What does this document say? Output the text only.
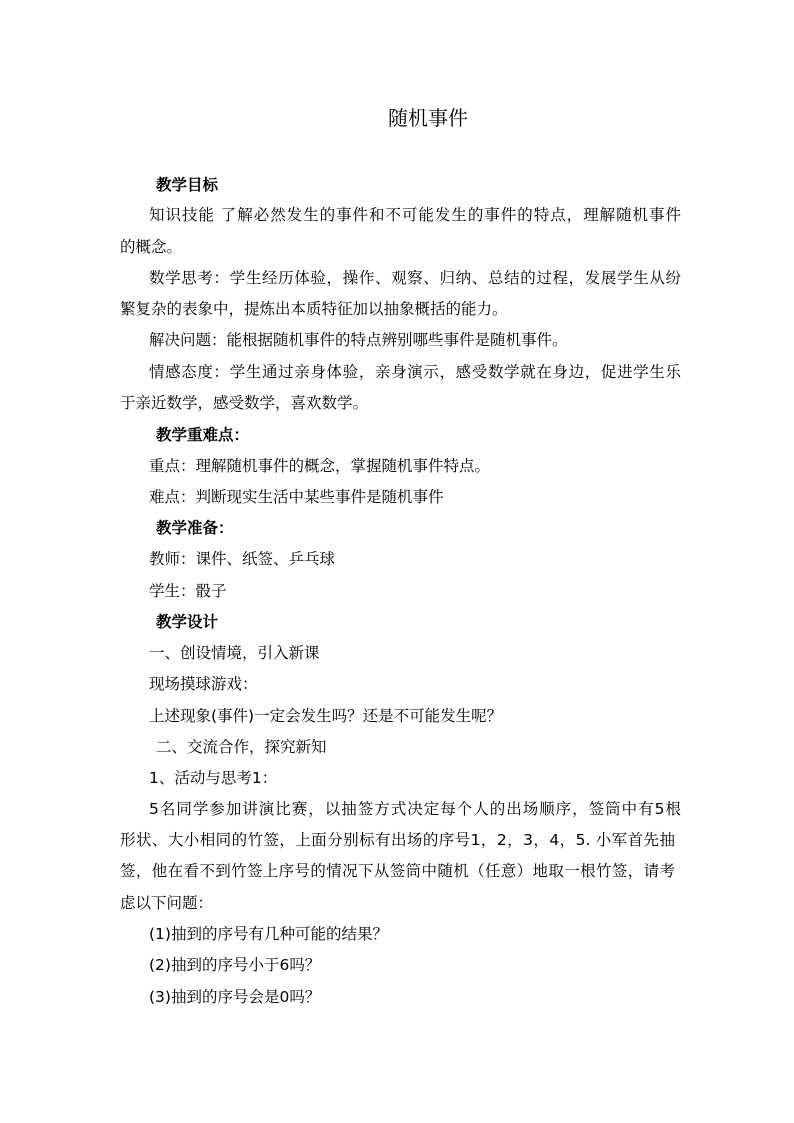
随机事件
教学目标
知识技能 了解必然发生的事件和不可能发生的事件的特点，理解随机事件
的概念。
数学思考：学生经历体验，操作、观察、归纳、总结的过程，发展学生从纷
繁复杂的表象中，提炼出本质特征加以抽象概括的能力。
解决问题：能根据随机事件的特点辨别哪些事件是随机事件。
情感态度：学生通过亲身体验，亲身演示，感受数学就在身边，促进学生乐
于亲近数学，感受数学，喜欢数学。
教学重难点：
重点：理解随机事件的概念，掌握随机事件特点。
难点：判断现实生活中某些事件是随机事件
教学准备：
教师：课件、纸签、乒乓球
学生：骰子
教学设计
一、创设情境，引入新课
现场摸球游戏：
上述现象(事件)一定会发生吗？还是不可能发生呢？
二、交流合作，探究新知
1、活动与思考1：
5名同学参加讲演比赛，以抽签方式决定每个人的出场顺序，签筒中有5根
形状、大小相同的竹签，上面分别标有出场的序号1，2，3，4，5. 小军首先抽
签，他在看不到竹签上序号的情况下从签筒中随机（任意）地取一根竹签，请考
虑以下问题：
(1)抽到的序号有几种可能的结果？
(2)抽到的序号小于6吗？
(3)抽到的序号会是0吗？
